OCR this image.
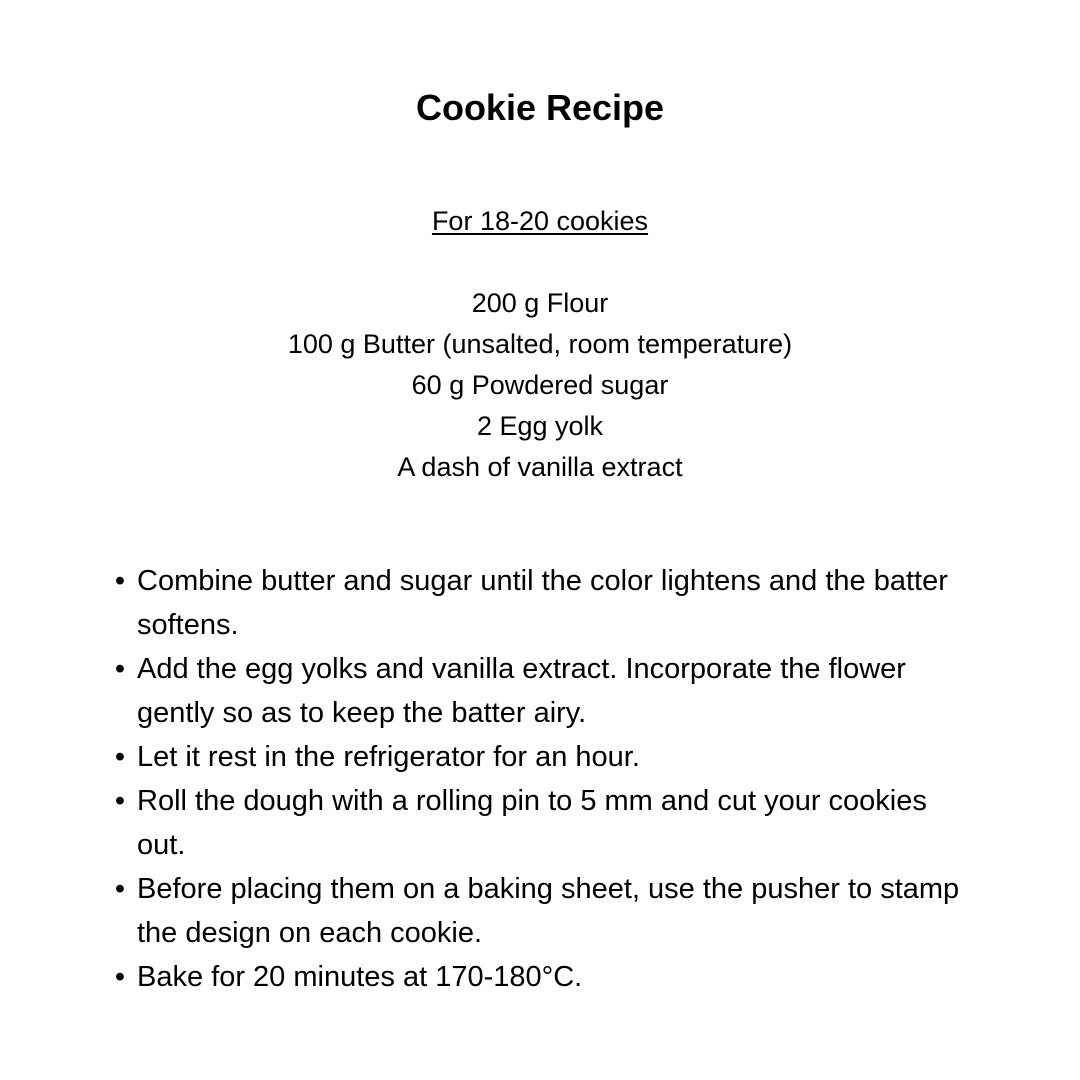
Cookie Recipe
For 18-20 cookies
200 g Flour
100 g Butter (unsalted, room temperature)
60 g Powdered sugar
2 Egg yolk
A dash of vanilla extract
• Combine butter and sugar until the color lightens and the batter softens.
• Add the egg yolks and vanilla extract. Incorporate the flower gently so as to keep the batter airy.
• Let it rest in the refrigerator for an hour.
• Roll the dough with a rolling pin to 5 mm and cut your cookies out.
• Before placing them on a baking sheet, use the pusher to stamp the design on each cookie.
• Bake for 20 minutes at 170-180°C.
